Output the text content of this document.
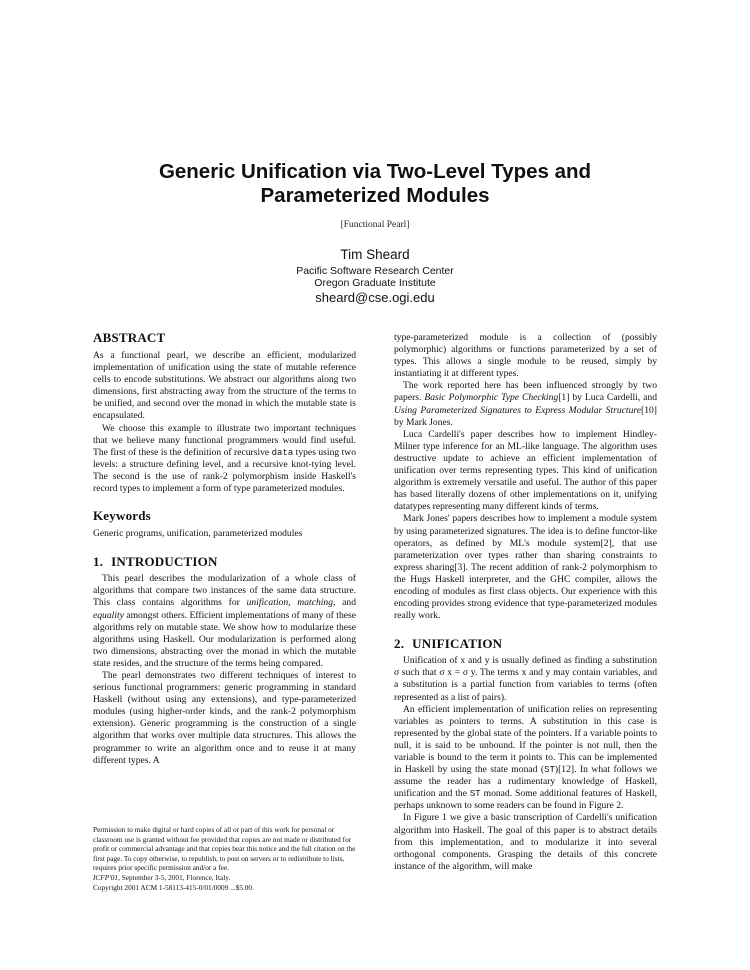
Generic Unification via Two-Level Types and
Parameterized Modules
[Functional Pearl]
Tim Sheard
Pacific Software Research Center
Oregon Graduate Institute
sheard@cse.ogi.edu
ABSTRACT

As a functional pearl, we describe an efficient, modularized implementation of unification using the state of mutable reference cells to encode substitutions. We abstract our algorithms along two dimensions, first abstracting away from the structure of the terms to be unified, and second over the monad in which the mutable state is encapsulated.

We choose this example to illustrate two important techniques that we believe many functional programmers would find useful. The first of these is the definition of recursive data types using two levels: a structure defining level, and a recursive knot-tying level. The second is the use of rank-2 polymorphism inside Haskell's record types to implement a form of type parameterized modules.

Keywords

Generic programs, unification, parameterized modules

1. INTRODUCTION

This pearl describes the modularization of a whole class of algorithms that compare two instances of the same data structure. This class contains algorithms for unification, matching, and equality amongst others. Efficient implementations of many of these algorithms rely on mutable state. We show how to modularize these algorithms using Haskell. Our modularization is performed along two dimensions, abstracting over the monad in which the mutable state resides, and the structure of the terms being compared.

The pearl demonstrates two different techniques of interest to serious functional programmers: generic programming in standard Haskell (without using any extensions), and type-parameterized modules (using higher-order kinds, and the rank-2 polymorphism extension). Generic programming is the construction of a single algorithm that works over multiple data structures. This allows the programmer to write an algorithm once and to reuse it at many different types. A

Permission to make digital or hard copies of all or part of this work for personal or classroom use is granted without fee provided that copies are not made or distributed for profit or commercial advantage and that copies bear this notice and the full citation on the first page. To copy otherwise, to republish, to post on servers or to redistribute to lists, requires prior specific permission and/or a fee.
ICFP'01, September 3-5, 2001, Florence, Italy.
Copyright 2001 ACM 1-58113-415-0/01/0009 ...$5.00.

type-parameterized module is a collection of (possibly polymorphic) algorithms or functions parameterized by a set of types. This allows a single module to be reused, simply by instantiating it at different types.

The work reported here has been influenced strongly by two papers. Basic Polymorphic Type Checking[1] by Luca Cardelli, and Using Parameterized Signatures to Express Modular Structure[10] by Mark Jones.

Luca Cardelli's paper describes how to implement Hindley-Milner type inference for an ML-like language. The algorithm uses destructive update to achieve an efficient implementation of unification over terms representing types. This kind of unification algorithm is extremely versatile and useful. The author of this paper has based literally dozens of other implementations on it, unifying datatypes representing many different kinds of terms.

Mark Jones' papers describes how to implement a module system by using parameterized signatures. The idea is to define functor-like operators, as defined by ML's module system[2], that use parameterization over types rather than sharing constraints to express sharing[3]. The recent addition of rank-2 polymorphism to the Hugs Haskell interpreter, and the GHC compiler, allows the encoding of modules as first class objects. Our experience with this encoding provides strong evidence that type-parameterized modules really work.

2. UNIFICATION

Unification of x and y is usually defined as finding a substitution σ such that σ x = σ y. The terms x and y may contain variables, and a substitution is a partial function from variables to terms (often represented as a list of pairs).

An efficient implementation of unification relies on representing variables as pointers to terms. A substitution in this case is represented by the global state of the pointers. If a variable points to null, it is said to be unbound. If the pointer is not null, then the variable is bound to the term it points to. This can be implemented in Haskell by using the state monad (ST)[12]. In what follows we assume the reader has a rudimentary knowledge of Haskell, unification and the ST monad. Some additional features of Haskell, perhaps unknown to some readers can be found in Figure 2.

In Figure 1 we give a basic transcription of Cardelli's unification algorithm into Haskell. The goal of this paper is to abstract details from this implementation, and to modularize it into several orthogonal components. Grasping the details of this concrete instance of the algorithm, will make
